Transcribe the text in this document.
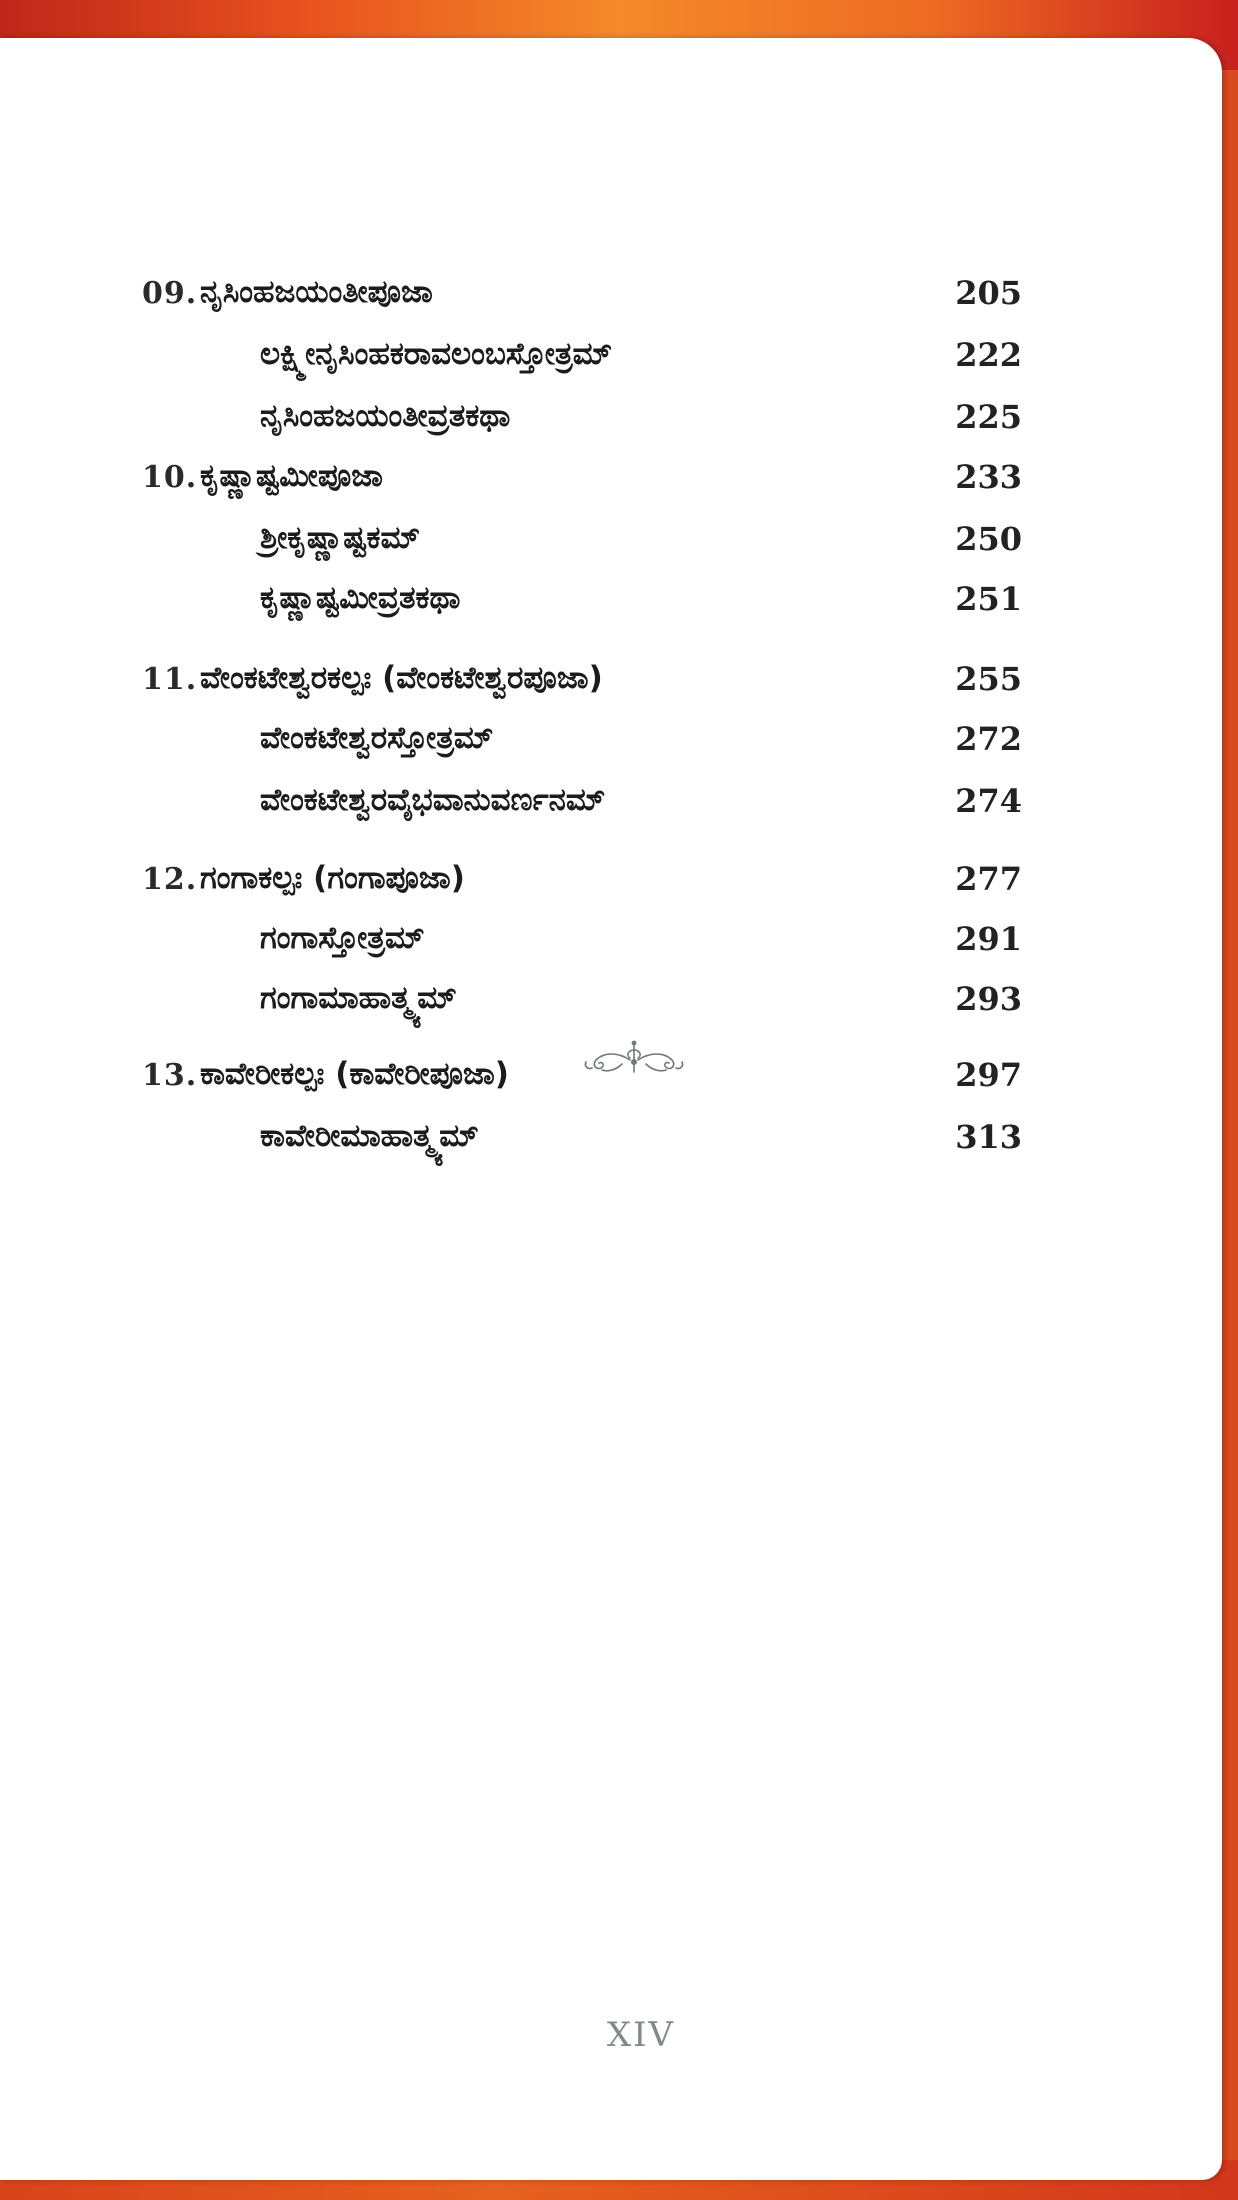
09. ನೃಸಿಂಹಜಯಂತೀಪೂಜಾ	205
ಲಕ್ಷ್ಮೀನೃಸಿಂಹಕರಾವಲಂಬಸ್ತೋತ್ರಮ್	222
ನೃಸಿಂಹಜಯಂತೀವ್ರತಕಥಾ	225
10. ಕೃಷ್ಣಾಷ್ಟಮೀಪೂಜಾ	233
ಶ್ರೀಕೃಷ್ಣಾಷ್ಟಕಮ್	250
ಕೃಷ್ಣಾಷ್ಟಮೀವ್ರತಕಥಾ	251
11. ವೇಂಕಟೇಶ್ವರಕಲ್ಪಃ (ವೇಂಕಟೇಶ್ವರಪೂಜಾ)	255
ವೇಂಕಟೇಶ್ವರಸ್ತೋತ್ರಮ್	272
ವೇಂಕಟೇಶ್ವರವೈಭವಾನುವರ್ಣನಮ್	274
12. ಗಂಗಾಕಲ್ಪಃ (ಗಂಗಾಪೂಜಾ)	277
ಗಂಗಾಸ್ತೋತ್ರಮ್	291
ಗಂಗಾಮಾಹಾತ್ಮ್ಯಮ್	293
13. ಕಾವೇರೀಕಲ್ಪಃ (ಕಾವೇರೀಪೂಜಾ)	297
ಕಾವೇರೀಮಾಹಾತ್ಮ್ಯಮ್	313
XIV
